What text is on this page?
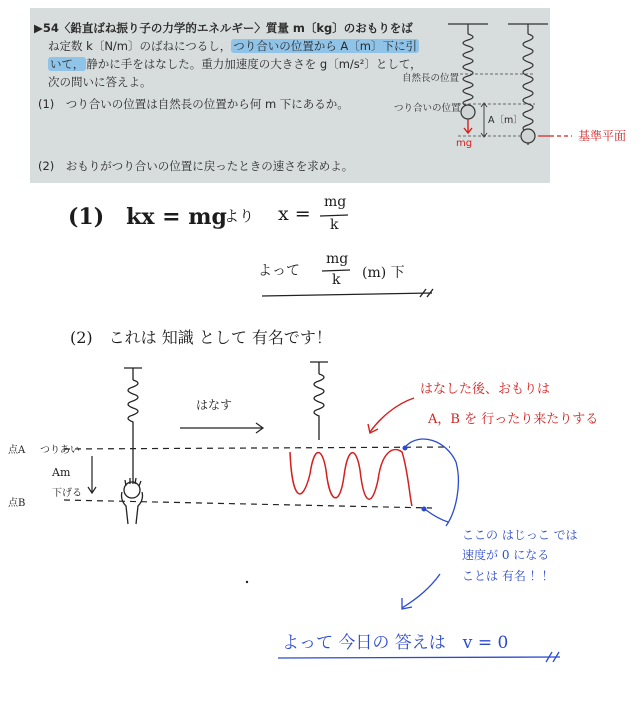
▶54〈鉛直ばね振り子の力学的エネルギー〉質量 m〔kg〕のおもりをば
ね定数 k〔N/m〕のばねにつるし， つり合いの位置から A〔m〕下に引
いて， 静かに手をはなした。重力加速度の大きさを g〔m/s²〕として，
次の問いに答えよ。
(1)　つり合いの位置は自然長の位置から何 m 下にあるか。
(2)　おもりがつり合いの位置に戻ったときの速さを求めよ。
自然長の位置
つり合いの位置
A〔m〕
mg
基準平面
(1)　kx = mg
より x =
mg
k
よって
mg
k (m) 下
(2)　これは 知識 として 有名です！
はなす
点A つりあい
点B
Am
下げる
はなした後、おもりは
A，B を 行ったり来たりする
ここの はじっこ では
速度が 0 になる
ことは 有名 ！！
よって 今日の 答えは　v = 0
